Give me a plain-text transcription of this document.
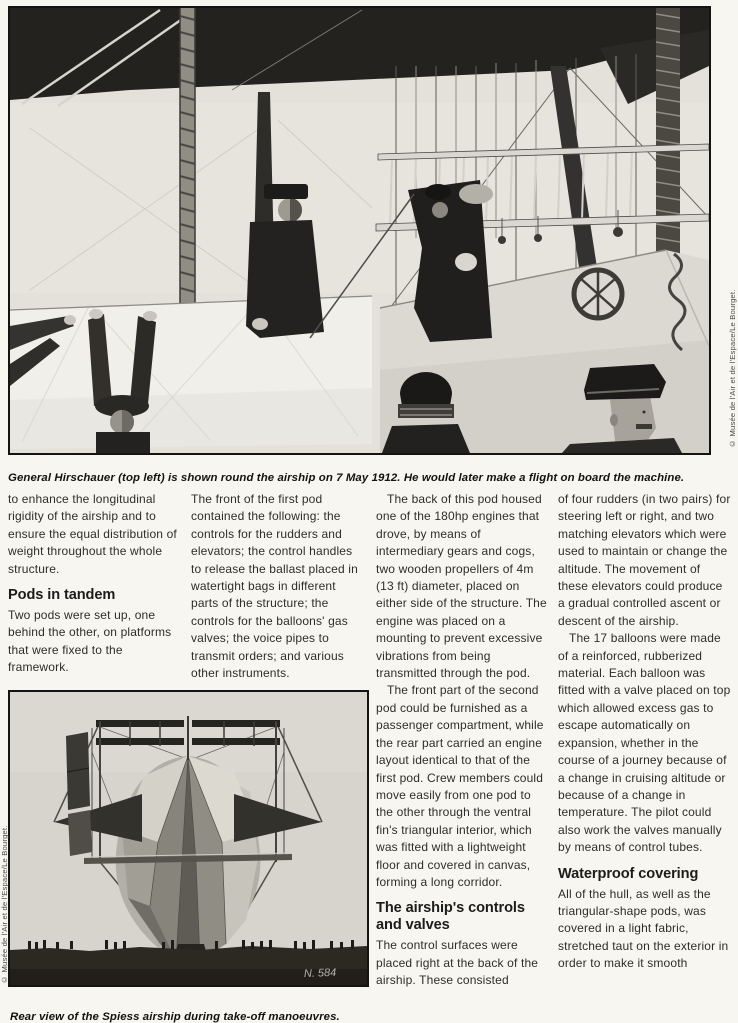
© Musée de l'Air et de l'Espace/Le Bourget.

General Hirschauer (top left) is shown round the airship on 7 May 1912. He would later make a flight on board the machine.

to enhance the longitudinal rigidity of the airship and to ensure the equal distribution of weight throughout the whole structure.

Pods in tandem

Two pods were set up, one behind the other, on platforms that were fixed to the framework.

The front of the first pod contained the following: the controls for the rudders and elevators; the control handles to release the ballast placed in watertight bags in different parts of the structure; the controls for the balloons' gas valves; the voice pipes to transmit orders; and various other instruments.

The back of this pod housed one of the 180hp engines that drove, by means of intermediary gears and cogs, two wooden propellers of 4m (13 ft) diameter, placed on either side of the structure. The engine was placed on a mounting to prevent excessive vibrations from being transmitted through the pod.

The front part of the second pod could be furnished as a passenger compartment, while the rear part carried an engine layout identical to that of the first pod. Crew members could move easily from one pod to the other through the ventral fin's triangular interior, which was fitted with a lightweight floor and covered in canvas, forming a long corridor.

The airship's controls and valves

The control surfaces were placed right at the back of the airship. These consisted

of four rudders (in two pairs) for steering left or right, and two matching elevators which were used to maintain or change the altitude. The movement of these elevators could produce a gradual controlled ascent or descent of the airship.

The 17 balloons were made of a reinforced, rubberized material. Each balloon was fitted with a valve placed on top which allowed excess gas to escape automatically on expansion, whether in the course of a journey because of a change in cruising altitude or because of a change in temperature. The pilot could also work the valves manually by means of control tubes.

Waterproof covering

All of the hull, as well as the triangular-shape pods, was covered in a light fabric, stretched taut on the exterior in order to make it smooth

N. 584
© Musée de l'Air et de l'Espace/Le Bourget.

Rear view of the Spiess airship during take-off manoeuvres.
